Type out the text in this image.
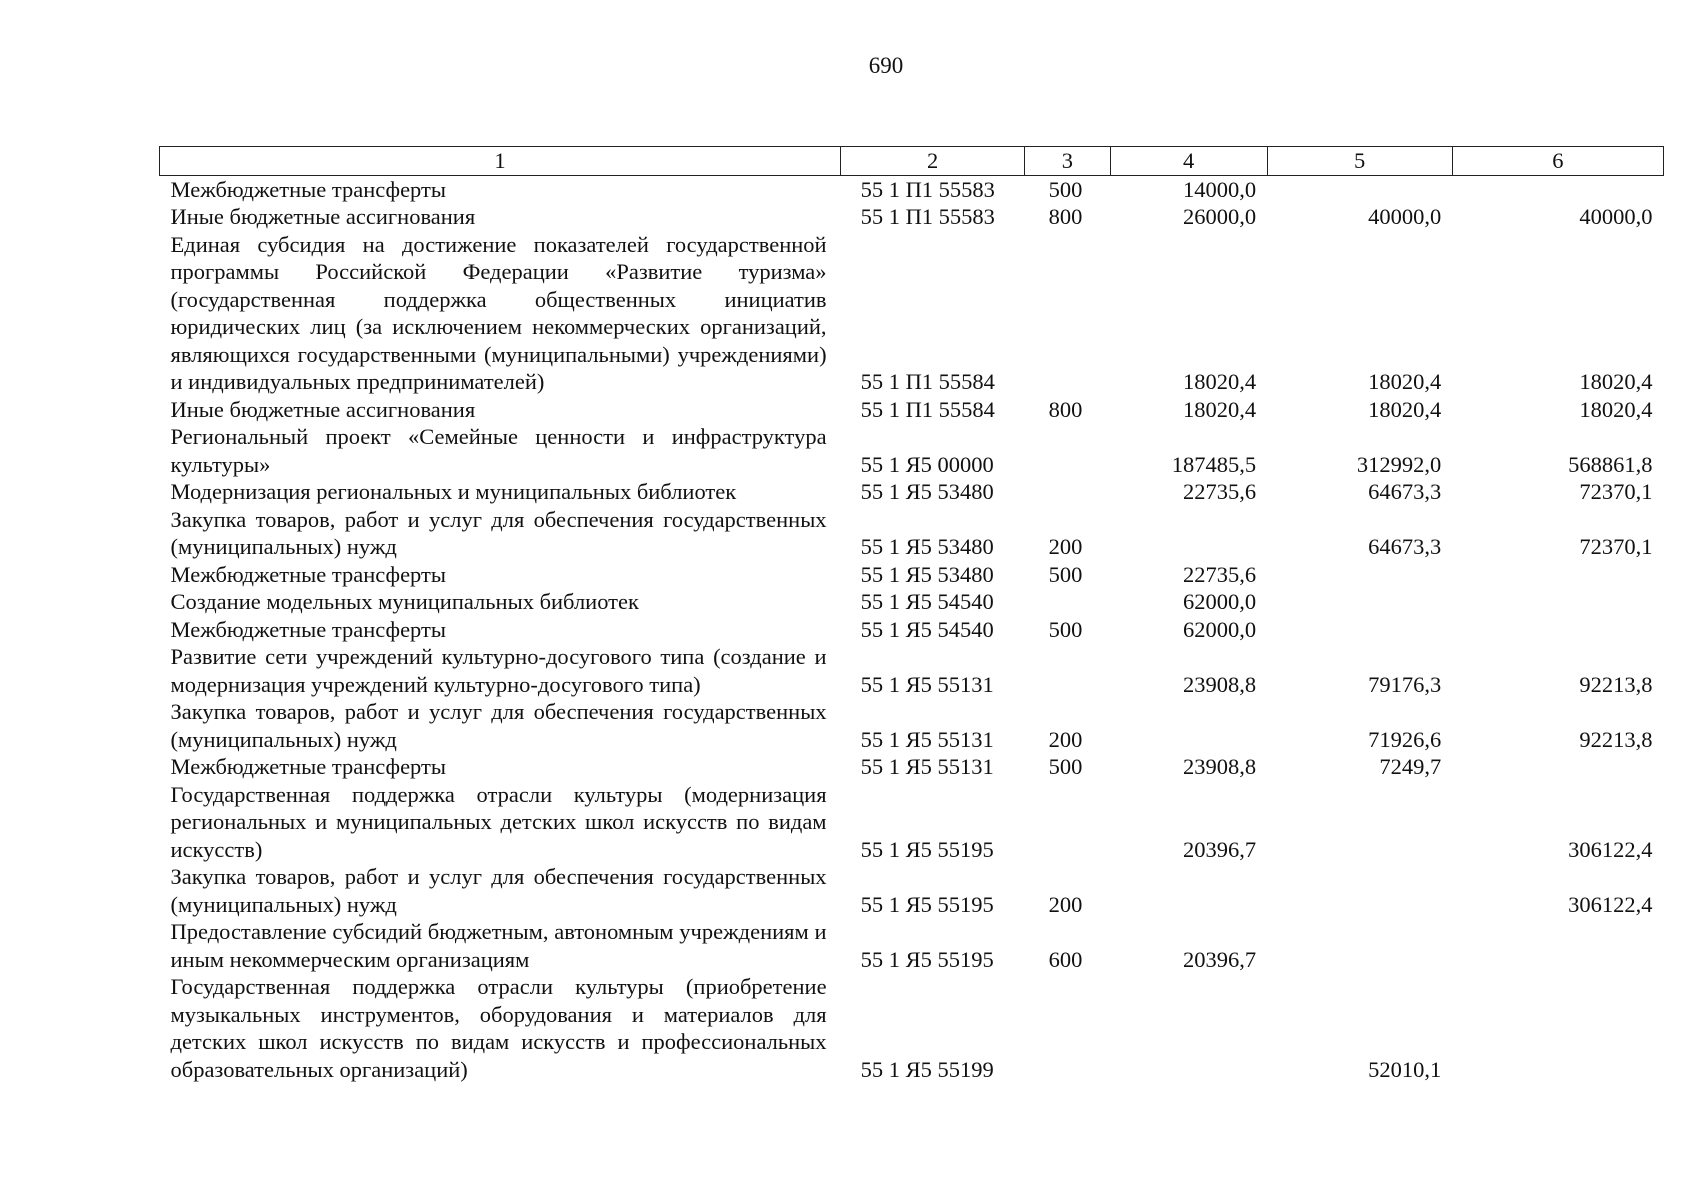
690
1	2	3	4	5	6
Межбюджетные трансферты	55 1 П1 55583	500	14000,0		
Иные бюджетные ассигнования	55 1 П1 55583	800	26000,0	40000,0	40000,0
Единая субсидия на достижение показателей государственной программы Российской Федерации «Развитие туризма» (государственная поддержка общественных инициатив юридических лиц (за исключением некоммерческих организаций, являющихся государственными (муниципальными) учреждениями) и индивидуальных предпринимателей)	55 1 П1 55584		18020,4	18020,4	18020,4
Иные бюджетные ассигнования	55 1 П1 55584	800	18020,4	18020,4	18020,4
Региональный проект «Семейные ценности и инфраструктура культуры»	55 1 Я5 00000		187485,5	312992,0	568861,8
Модернизация региональных и муниципальных библиотек	55 1 Я5 53480		22735,6	64673,3	72370,1
Закупка товаров, работ и услуг для обеспечения государственных (муниципальных) нужд	55 1 Я5 53480	200		64673,3	72370,1
Межбюджетные трансферты	55 1 Я5 53480	500	22735,6		
Создание модельных муниципальных библиотек	55 1 Я5 54540		62000,0		
Межбюджетные трансферты	55 1 Я5 54540	500	62000,0		
Развитие сети учреждений культурно-досугового типа (создание и модернизация учреждений культурно-досугового типа)	55 1 Я5 55131		23908,8	79176,3	92213,8
Закупка товаров, работ и услуг для обеспечения государственных (муниципальных) нужд	55 1 Я5 55131	200		71926,6	92213,8
Межбюджетные трансферты	55 1 Я5 55131	500	23908,8	7249,7	
Государственная поддержка отрасли культуры (модернизация региональных и муниципальных детских школ искусств по видам искусств)	55 1 Я5 55195		20396,7		306122,4
Закупка товаров, работ и услуг для обеспечения государственных (муниципальных) нужд	55 1 Я5 55195	200			306122,4
Предоставление субсидий бюджетным, автономным учреждениям и иным некоммерческим организациям	55 1 Я5 55195	600	20396,7		
Государственная поддержка отрасли культуры (приобретение музыкальных инструментов, оборудования и материалов для детских школ искусств по видам искусств и профессиональных образовательных организаций)	55 1 Я5 55199			52010,1	
